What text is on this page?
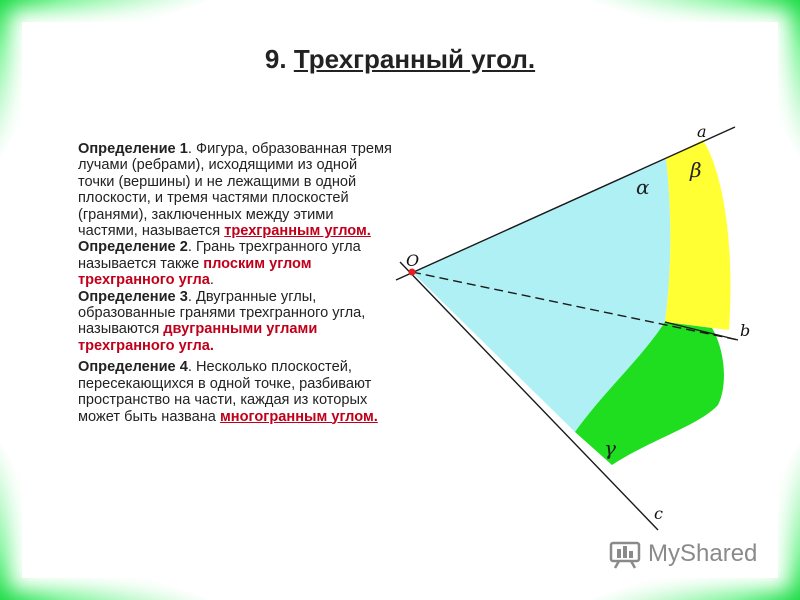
9. Трехгранный угол.

Определение 1. Фигура, образованная тремя лучами (ребрами), исходящими из одной точки (вершины) и не лежащими в одной плоскости, и тремя частями плоскостей (гранями), заключенных между этими частями, называется трехгранным углом.

Определение 2. Грань трехгранного угла называется также плоским углом трехгранного угла.

Определение 3. Двугранные углы, образованные гранями трехгранного угла, называются двугранными углами трехгранного угла.

Определение 4. Несколько плоскостей, пересекающихся в одной точке, разбивают пространство на части, каждая из которых может быть названа многогранным углом.

O
a
b
c
α
β
γ
MyShared
